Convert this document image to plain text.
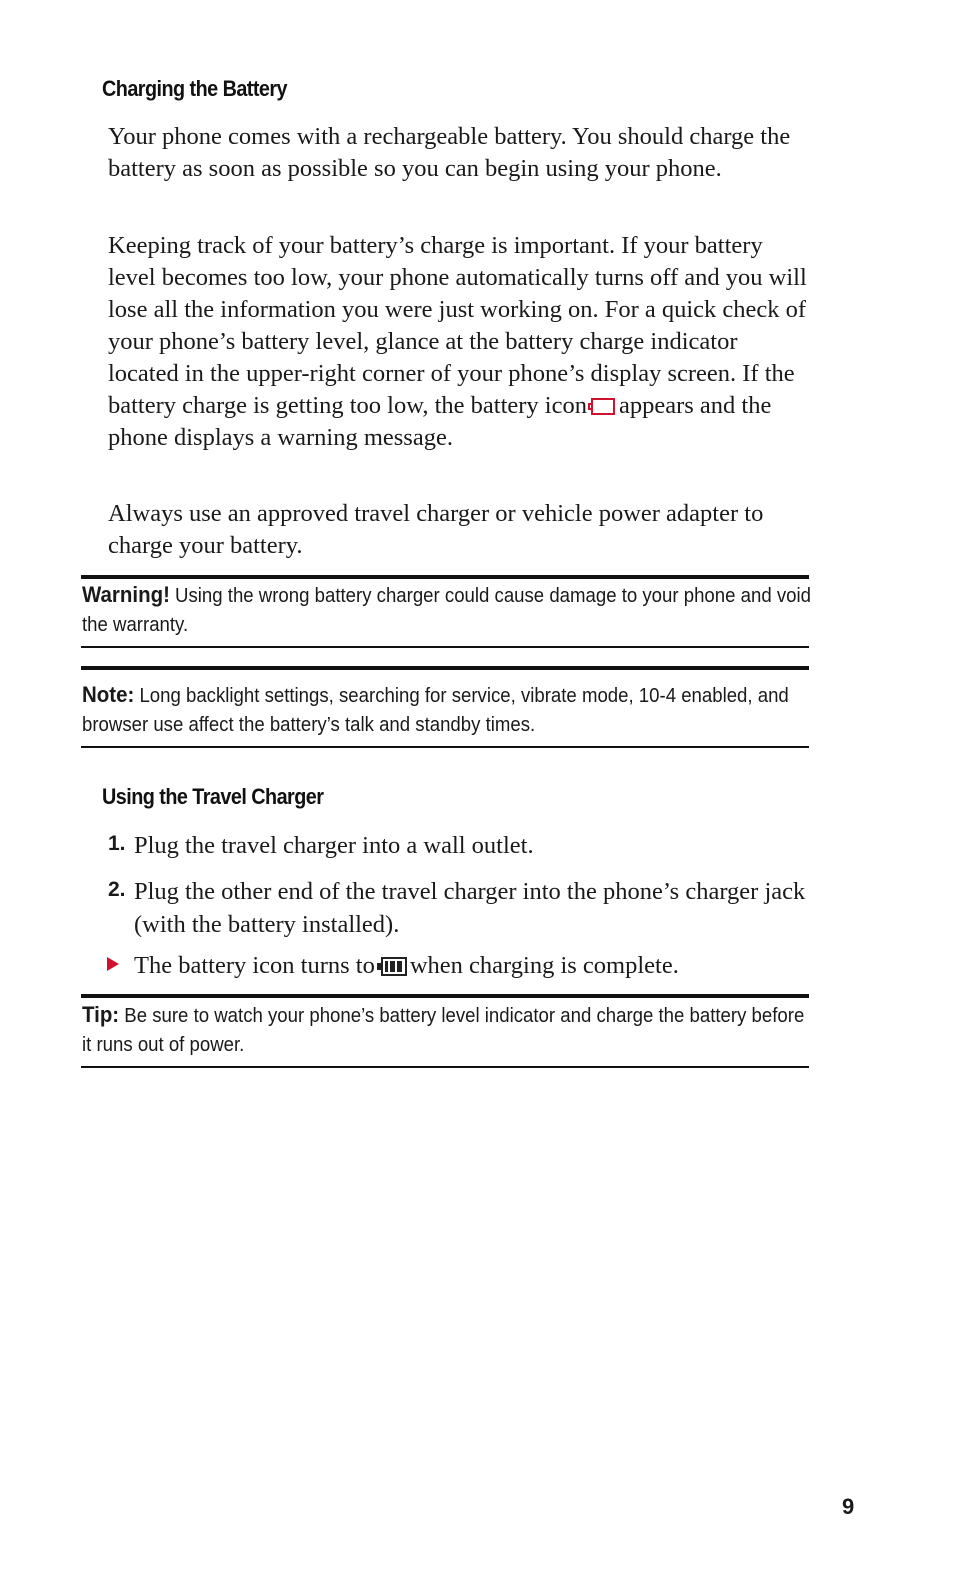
Charging the Battery

Your phone comes with a rechargeable battery. You should charge the battery as soon as possible so you can begin using your phone.

Keeping track of your battery’s charge is important. If your battery level becomes too low, your phone automatically turns off and you will lose all the information you were just working on. For a quick check of your phone’s battery level, glance at the battery charge indicator located in the upper-right corner of your phone’s display screen. If the battery charge is getting too low, the battery icon appears and the phone displays a warning message.

Always use an approved travel charger or vehicle power adapter to charge your battery.

Warning! Using the wrong battery charger could cause damage to your phone and void the warranty.

Note: Long backlight settings, searching for service, vibrate mode, 10-4 enabled, and browser use affect the battery’s talk and standby times.

Using the Travel Charger
1. Plug the travel charger into a wall outlet.

2. Plug the other end of the travel charger into the phone’s charger jack (with the battery installed).

The battery icon turns to when charging is complete.

Tip: Be sure to watch your phone’s battery level indicator and charge the battery before it runs out of power.

9
